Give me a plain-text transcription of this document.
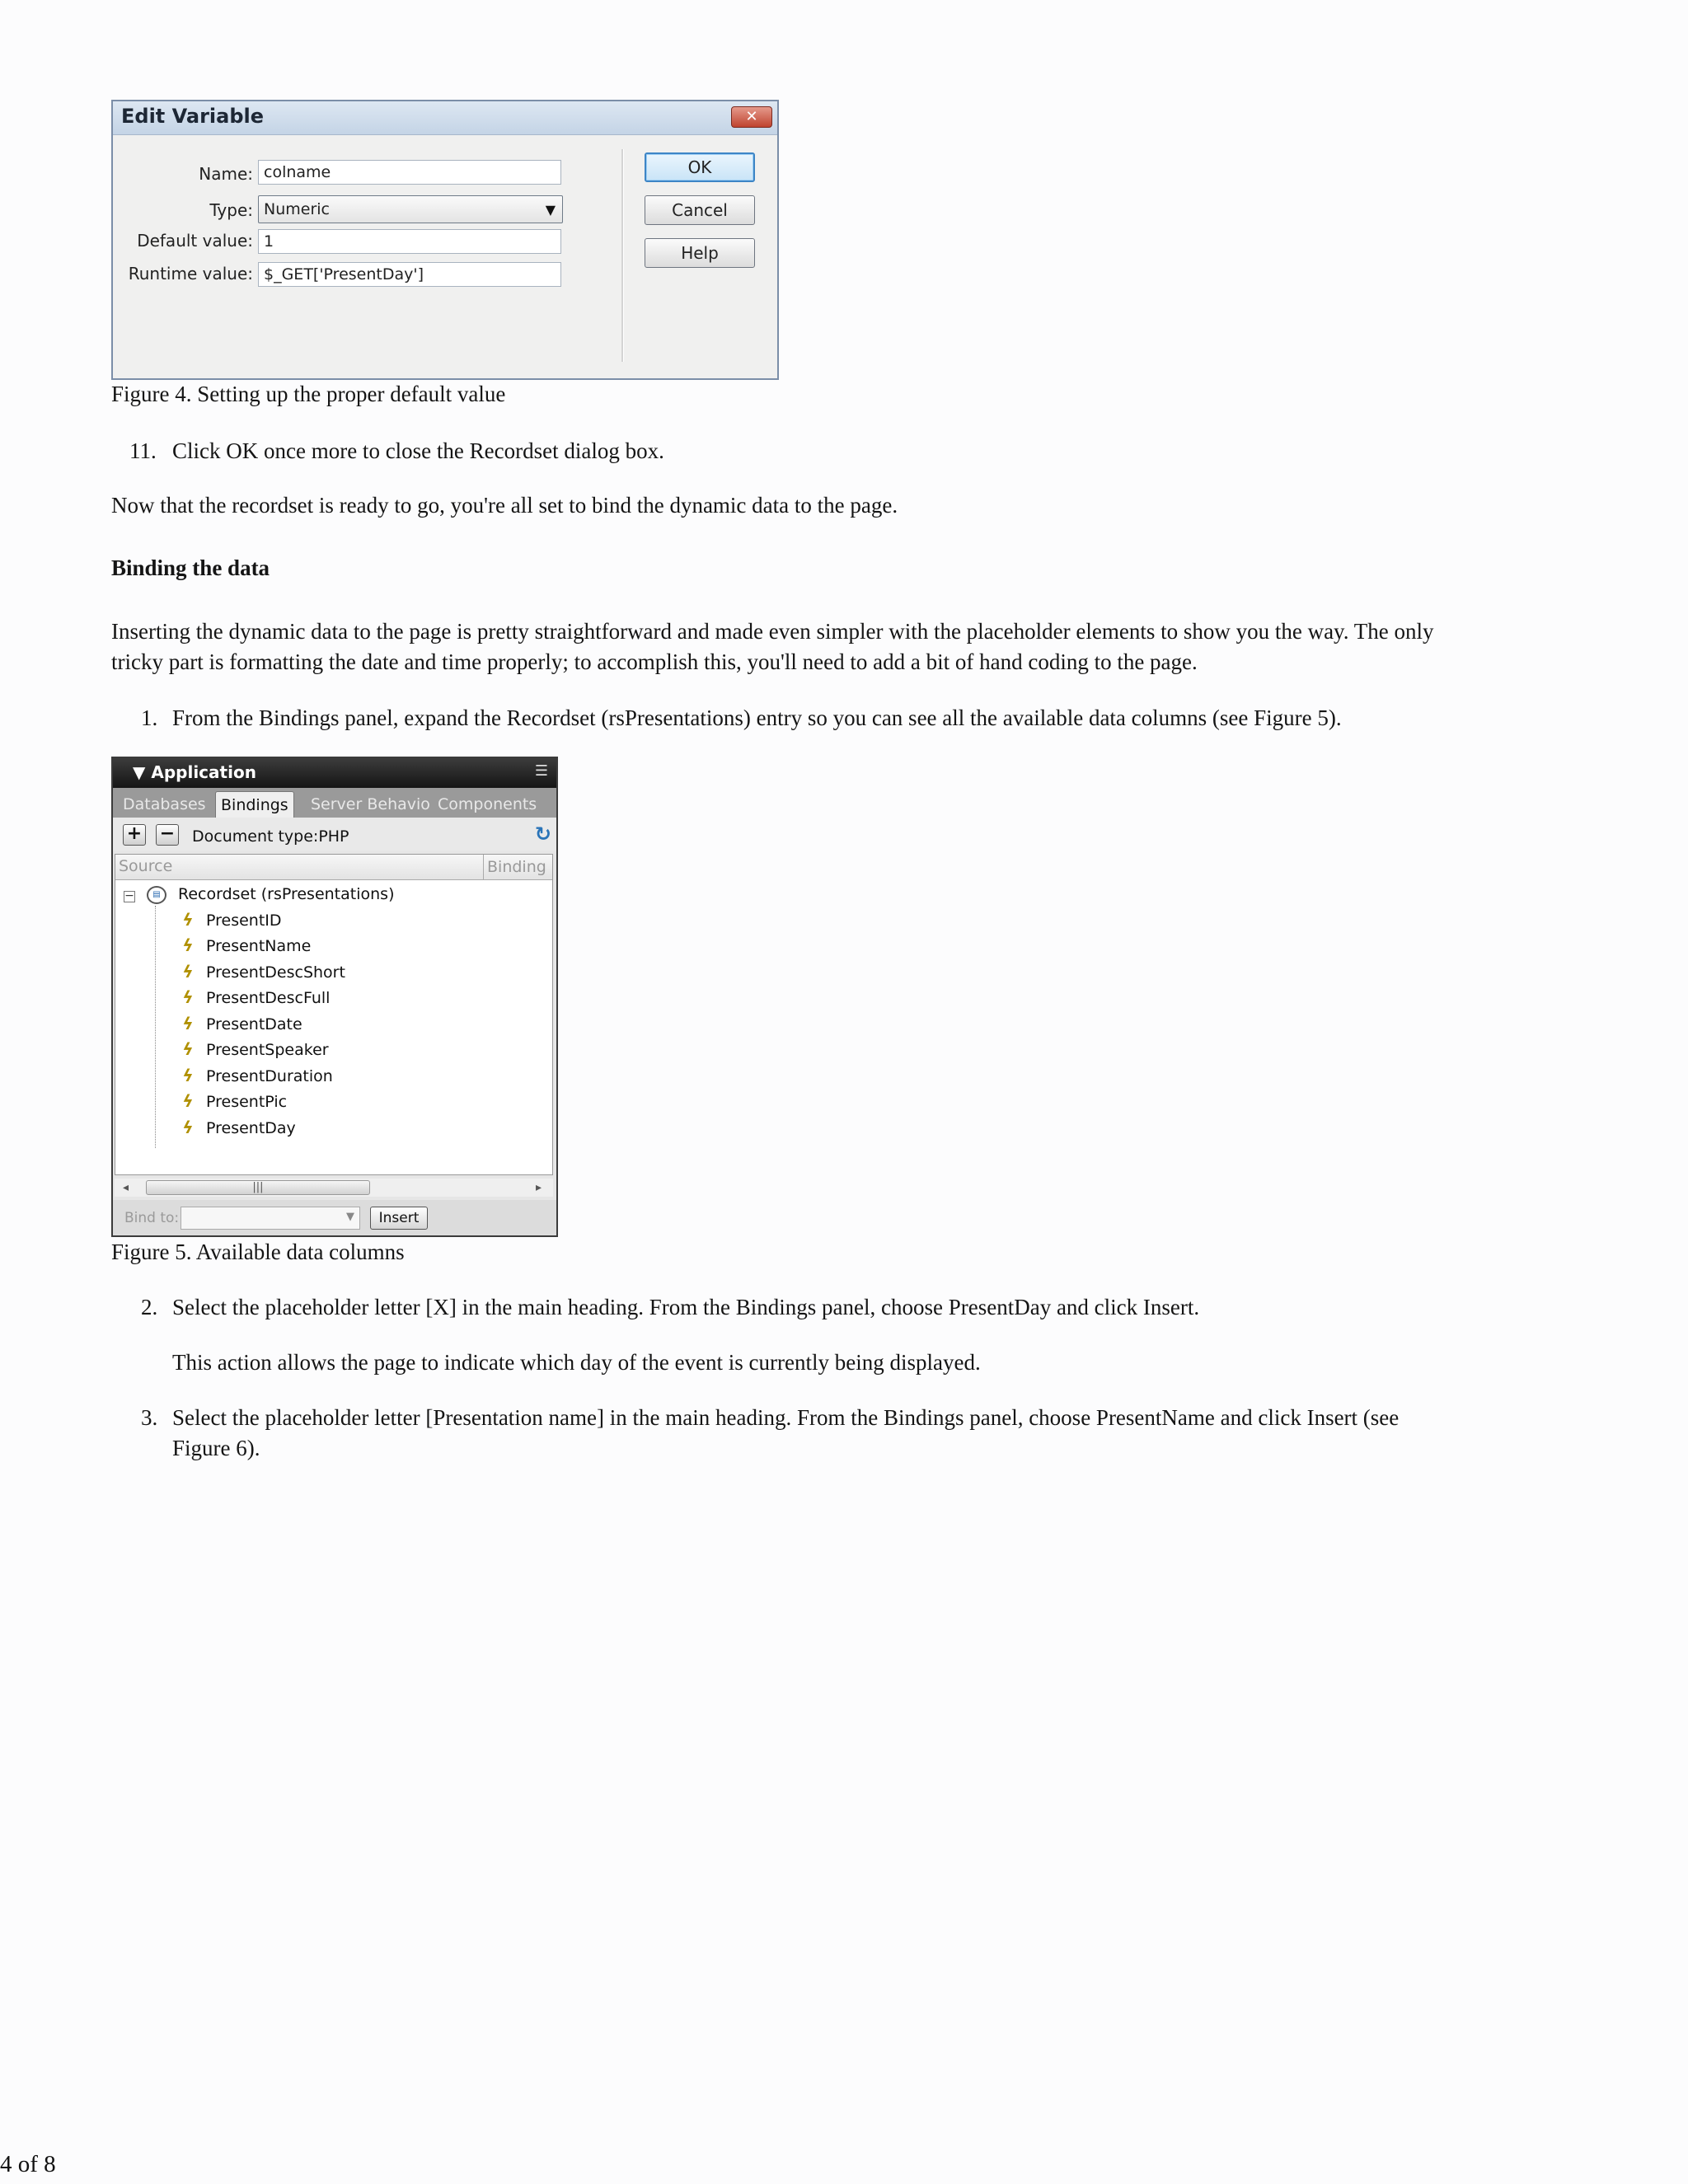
Edit Variable	✕
Name: colname
Type: Numeric	▼
Default value: 1
Runtime value: $_GET['PresentDay']
OK
Cancel
Help

Figure 4. Setting up the proper default value

11. Click OK once more to close the Recordset dialog box.

Now that the recordset is ready to go, you're all set to bind the dynamic data to the page.

Binding the data

Inserting the dynamic data to the page is pretty straightforward and made even simpler with the placeholder elements to show you the way. The only

tricky part is formatting the date and time properly; to accomplish this, you'll need to add a bit of hand coding to the page.

1. From the Bindings panel, expand the Recordset (rsPresentations) entry so you can see all the available data columns (see Figure 5).

▼ Application	☰
Databases Bindings	Server Behavio Components
+ − Document type:PHP	↻
Source	Binding
−	▤ Recordset (rsPresentations)
ϟ PresentID
ϟ PresentName
ϟ PresentDescShort
ϟ PresentDescFull
ϟ PresentDate
ϟ PresentSpeaker
ϟ PresentDuration
ϟ PresentPic
ϟ PresentDay
◂	|||	▸
Bind to:	▼	Insert

Figure 5. Available data columns

2. Select the placeholder letter [X] in the main heading. From the Bindings panel, choose PresentDay and click Insert.

This action allows the page to indicate which day of the event is currently being displayed.

3. Select the placeholder letter [Presentation name] in the main heading. From the Bindings panel, choose PresentName and click Insert (see

Figure 6).

4 of 8
